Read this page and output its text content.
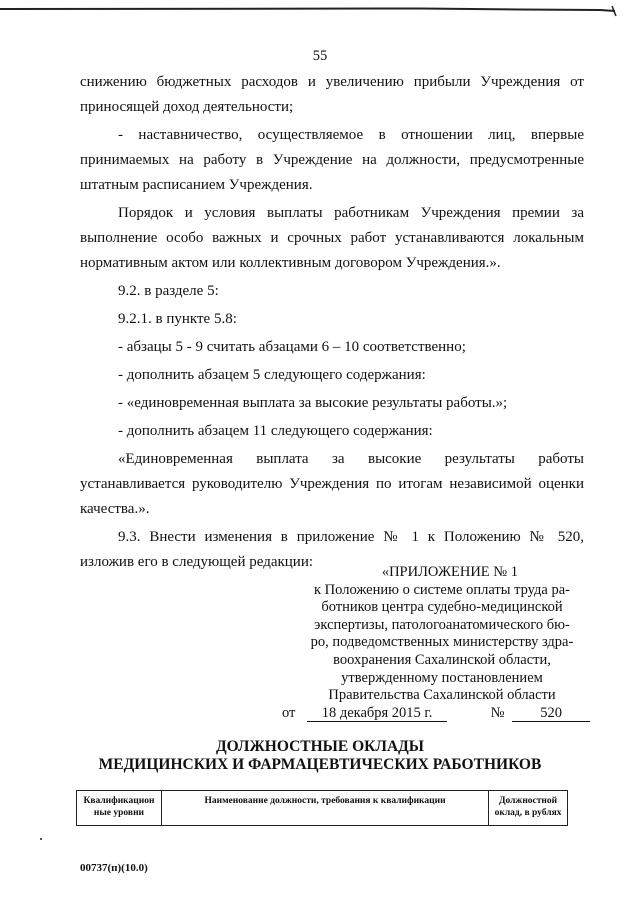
55

снижению бюджетных расходов и увеличению прибыли Учреждения от

приносящей доход деятельности;

- наставничество, осуществляемое в отношении лиц, впервые

принимаемых на работу в Учреждение на должности, предусмотренные

штатным расписанием Учреждения.

Порядок и условия выплаты работникам Учреждения премии за

выполнение особо важных и срочных работ устанавливаются локальным

нормативным актом или коллективным договором Учреждения.».

9.2. в разделе 5:

9.2.1. в пункте 5.8:

- абзацы 5 - 9 считать абзацами 6 – 10 соответственно;

- дополнить абзацем 5 следующего содержания:

- «единовременная выплата за высокие результаты работы.»;

- дополнить абзацем 11 следующего содержания:

«Единовременная выплата за высокие результаты работы

устанавливается руководителю Учреждения по итогам независимой оценки

качества.».

9.3. Внести изменения в приложение № 1 к Положению № 520,

изложив его в следующей редакции:

«ПРИЛОЖЕНИЕ № 1
к Положению о системе оплаты труда ра-
ботников центра судебно-медицинской
экспертизы, патологоанатомического бю-
ро, подведомственных министерству здра-
воохранения Сахалинской области,
утвержденному постановлением
Правительства Сахалинской области
от 18 декабря 2015 г.	№ 520
ДОЛЖНОСТНЫЕ ОКЛАДЫ
МЕДИЦИНСКИХ И ФАРМАЦЕВТИЧЕСКИХ РАБОТНИКОВ
Квалификацион ные уровни	Наименование должности, требования к квалификации	Должностной оклад, в рублях
00737(п)(10.0)
